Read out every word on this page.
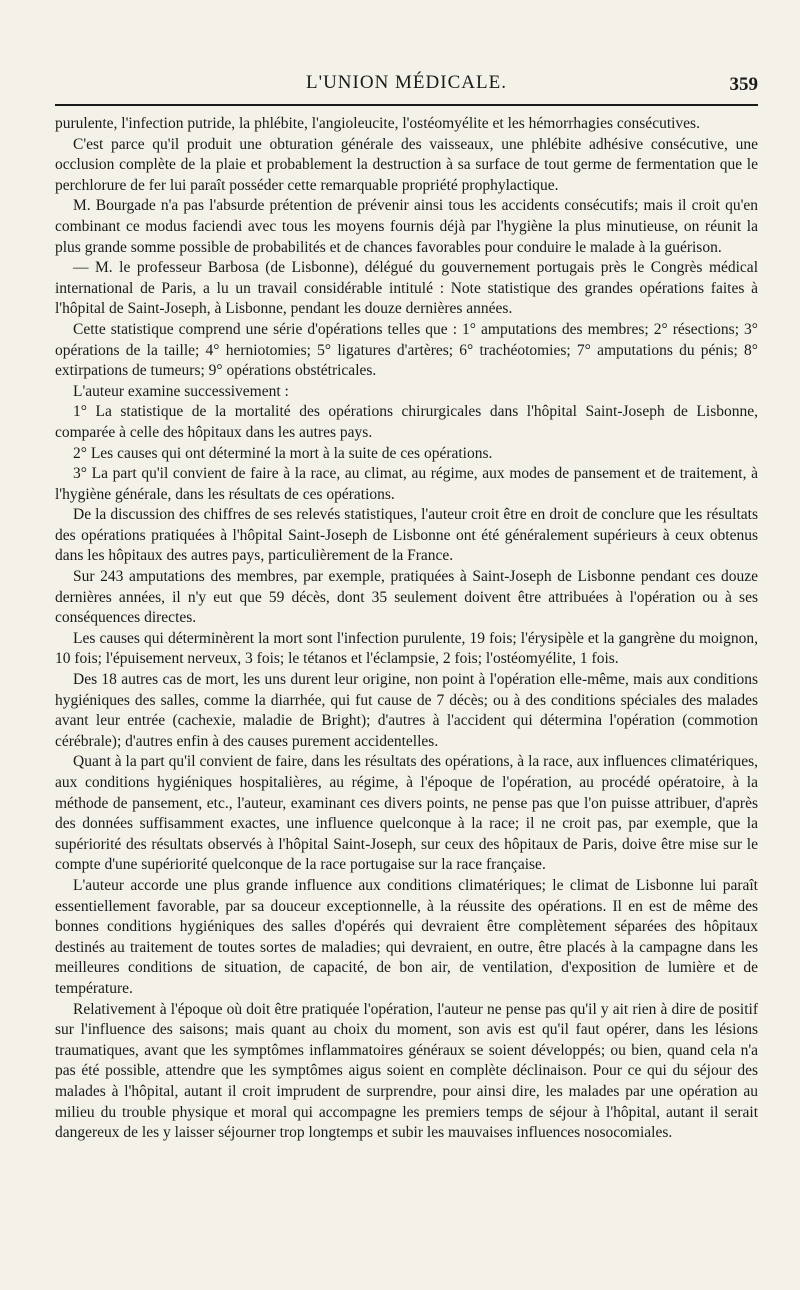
L'UNION MÉDICALE.	359

purulente, l'infection putride, la phlébite, l'angioleucite, l'ostéomyélite et les hémorrhagies consécutives.

C'est parce qu'il produit une obturation générale des vaisseaux, une phlébite adhésive consécutive, une occlusion complète de la plaie et probablement la destruction à sa surface de tout germe de fermentation que le perchlorure de fer lui paraît posséder cette remarquable propriété prophylactique.

M. Bourgade n'a pas l'absurde prétention de prévenir ainsi tous les accidents consécutifs; mais il croit qu'en combinant ce modus faciendi avec tous les moyens fournis déjà par l'hygiène la plus minutieuse, on réunit la plus grande somme possible de probabilités et de chances favorables pour conduire le malade à la guérison.

— M. le professeur Barbosa (de Lisbonne), délégué du gouvernement portugais près le Congrès médical international de Paris, a lu un travail considérable intitulé : Note statistique des grandes opérations faites à l'hôpital de Saint-Joseph, à Lisbonne, pendant les douze dernières années.

Cette statistique comprend une série d'opérations telles que : 1° amputations des membres; 2° résections; 3° opérations de la taille; 4° herniotomies; 5° ligatures d'artères; 6° trachéotomies; 7° amputations du pénis; 8° extirpations de tumeurs; 9° opérations obstétricales.

L'auteur examine successivement :

1° La statistique de la mortalité des opérations chirurgicales dans l'hôpital Saint-Joseph de Lisbonne, comparée à celle des hôpitaux dans les autres pays.

2° Les causes qui ont déterminé la mort à la suite de ces opérations.

3° La part qu'il convient de faire à la race, au climat, au régime, aux modes de pansement et de traitement, à l'hygiène générale, dans les résultats de ces opérations.

De la discussion des chiffres de ses relevés statistiques, l'auteur croit être en droit de conclure que les résultats des opérations pratiquées à l'hôpital Saint-Joseph de Lisbonne ont été généralement supérieurs à ceux obtenus dans les hôpitaux des autres pays, particulièrement de la France.

Sur 243 amputations des membres, par exemple, pratiquées à Saint-Joseph de Lisbonne pendant ces douze dernières années, il n'y eut que 59 décès, dont 35 seulement doivent être attribuées à l'opération ou à ses conséquences directes.

Les causes qui déterminèrent la mort sont l'infection purulente, 19 fois; l'érysipèle et la gangrène du moignon, 10 fois; l'épuisement nerveux, 3 fois; le tétanos et l'éclampsie, 2 fois; l'ostéomyélite, 1 fois.

Des 18 autres cas de mort, les uns durent leur origine, non point à l'opération elle-même, mais aux conditions hygiéniques des salles, comme la diarrhée, qui fut cause de 7 décès; ou à des conditions spéciales des malades avant leur entrée (cachexie, maladie de Bright); d'autres à l'accident qui détermina l'opération (commotion cérébrale); d'autres enfin à des causes purement accidentelles.

Quant à la part qu'il convient de faire, dans les résultats des opérations, à la race, aux influences climatériques, aux conditions hygiéniques hospitalières, au régime, à l'époque de l'opération, au procédé opératoire, à la méthode de pansement, etc., l'auteur, examinant ces divers points, ne pense pas que l'on puisse attribuer, d'après des données suffisamment exactes, une influence quelconque à la race; il ne croit pas, par exemple, que la supériorité des résultats observés à l'hôpital Saint-Joseph, sur ceux des hôpitaux de Paris, doive être mise sur le compte d'une supériorité quelconque de la race portugaise sur la race française.

L'auteur accorde une plus grande influence aux conditions climatériques; le climat de Lisbonne lui paraît essentiellement favorable, par sa douceur exceptionnelle, à la réussite des opérations. Il en est de même des bonnes conditions hygiéniques des salles d'opérés qui devraient être complètement séparées des hôpitaux destinés au traitement de toutes sortes de maladies; qui devraient, en outre, être placés à la campagne dans les meilleures conditions de situation, de capacité, de bon air, de ventilation, d'exposition de lumière et de température.

Relativement à l'époque où doit être pratiquée l'opération, l'auteur ne pense pas qu'il y ait rien à dire de positif sur l'influence des saisons; mais quant au choix du moment, son avis est qu'il faut opérer, dans les lésions traumatiques, avant que les symptômes inflammatoires généraux se soient développés; ou bien, quand cela n'a pas été possible, attendre que les symptômes aigus soient en complète déclinaison. Pour ce qui du séjour des malades à l'hôpital, autant il croit imprudent de surprendre, pour ainsi dire, les malades par une opération au milieu du trouble physique et moral qui accompagne les premiers temps de séjour à l'hôpital, autant il serait dangereux de les y laisser séjourner trop longtemps et subir les mauvaises influences nosocomiales.
